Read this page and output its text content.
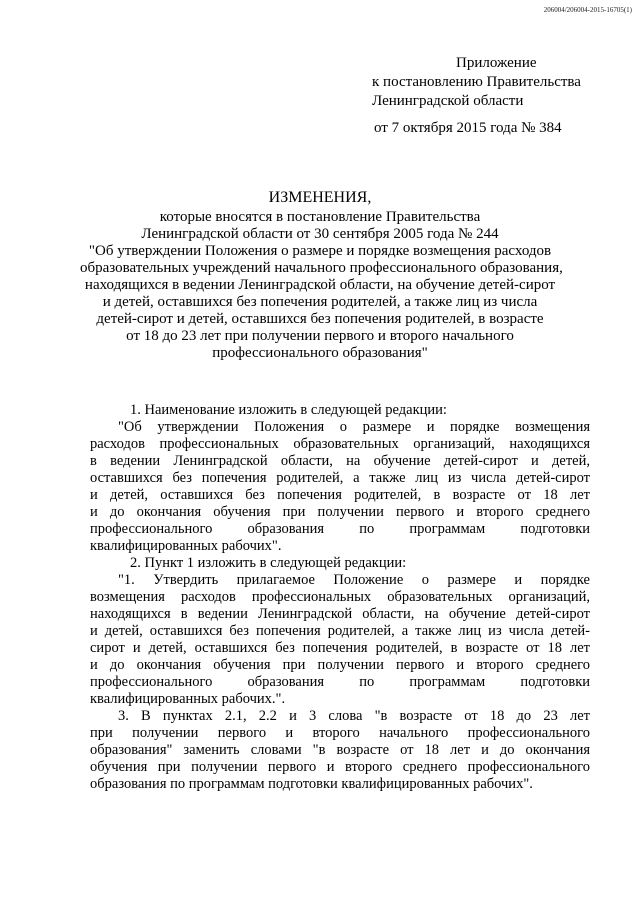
206004/206004-2015-16705(1)
Приложение
к постановлению Правительства
Ленинградской области
от 7 октября 2015 года № 384
ИЗМЕНЕНИЯ,
которые вносятся в постановление Правительства
Ленинградской области от 30 сентября 2005 года № 244
"Об утверждении Положения о размере и порядке возмещения расходов
образовательных учреждений начального профессионального образования,
находящихся в ведении Ленинградской области, на обучение детей-сирот
и детей, оставшихся без попечения родителей, а также лиц из числа
детей-сирот и детей, оставшихся без попечения родителей, в возрасте
от 18 до 23 лет при получении первого и второго начального
профессионального образования"
1. Наименование изложить в следующей редакции:
"Об утверждении Положения о размере и порядке возмещения
расходов профессиональных образовательных организаций, находящихся
в ведении Ленинградской области, на обучение детей-сирот и детей,
оставшихся без попечения родителей, а также лиц из числа детей-сирот
и детей, оставшихся без попечения родителей, в возрасте от 18 лет
и до окончания обучения при получении первого и второго среднего
профессионального образования по программам подготовки
квалифицированных рабочих".
2. Пункт 1 изложить в следующей редакции:
"1. Утвердить прилагаемое Положение о размере и порядке
возмещения расходов профессиональных образовательных организаций,
находящихся в ведении Ленинградской области, на обучение детей-сирот
и детей, оставшихся без попечения родителей, а также лиц из числа детей-
сирот и детей, оставшихся без попечения родителей, в возрасте от 18 лет
и до окончания обучения при получении первого и второго среднего
профессионального образования по программам подготовки
квалифицированных рабочих.".
3. В пунктах 2.1, 2.2 и 3 слова "в возрасте от 18 до 23 лет
при получении первого и второго начального профессионального
образования" заменить словами "в возрасте от 18 лет и до окончания
обучения при получении первого и второго среднего профессионального
образования по программам подготовки квалифицированных рабочих".
